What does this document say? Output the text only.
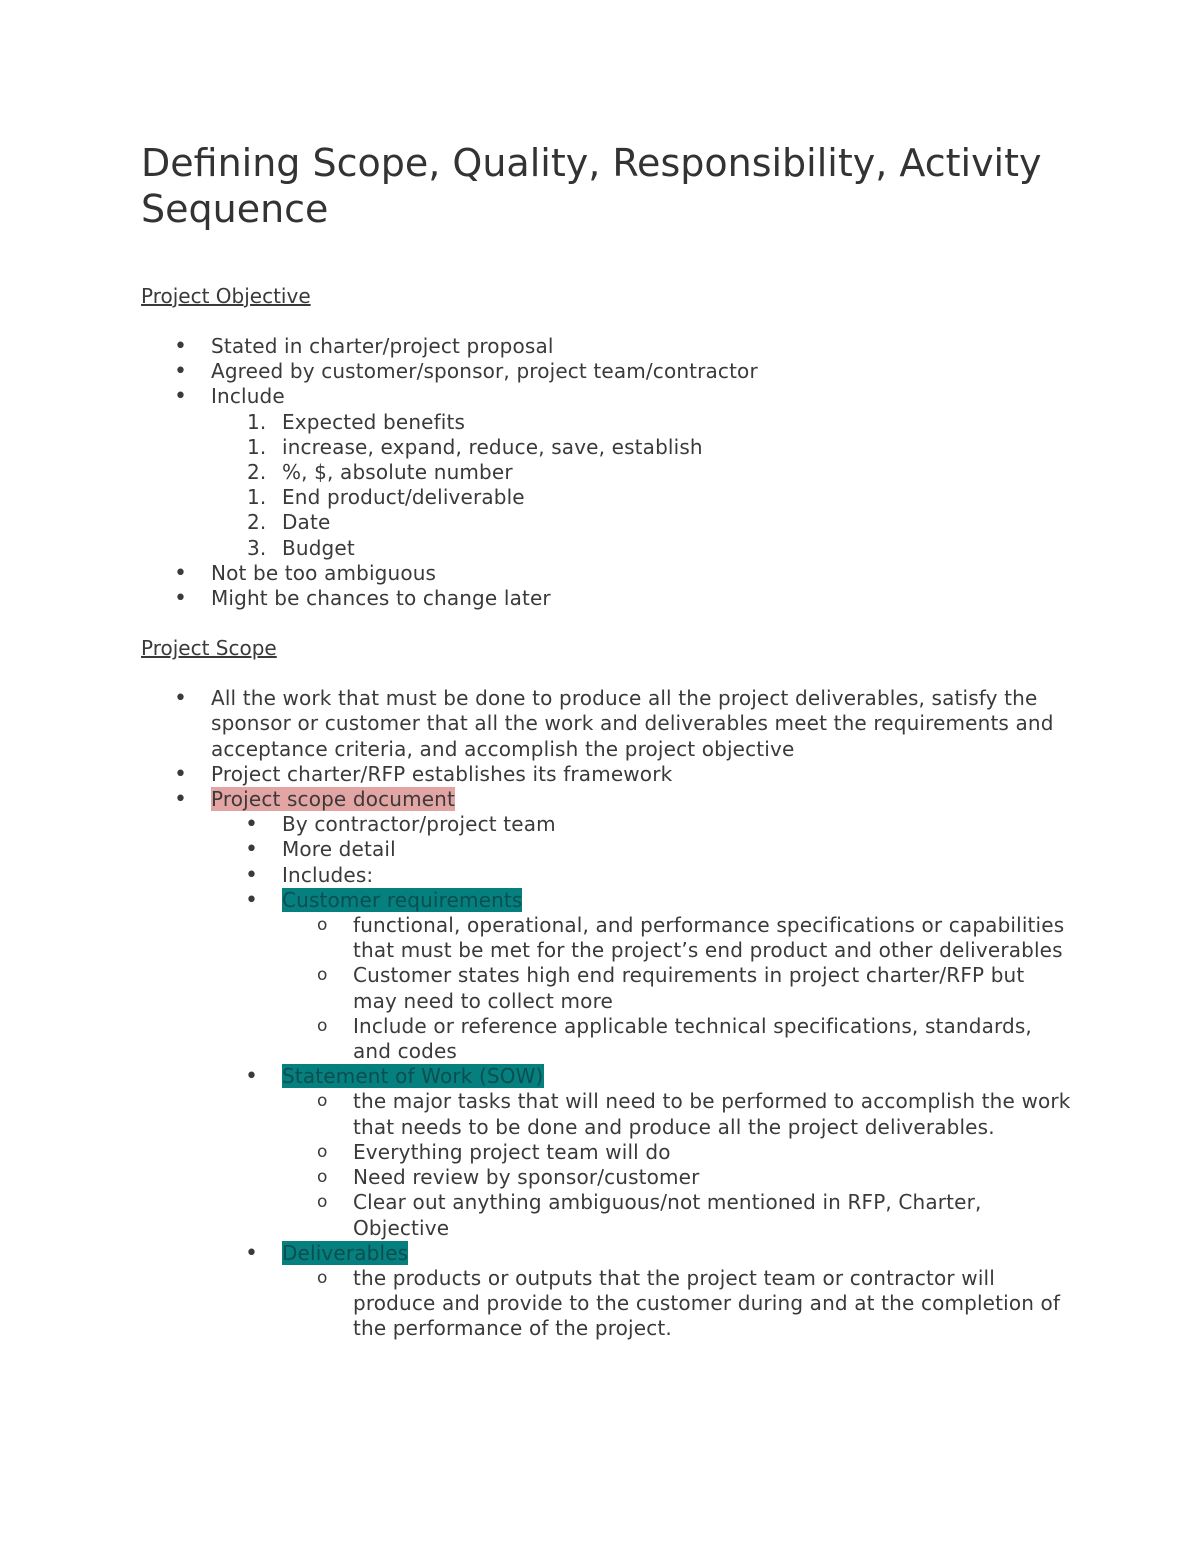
Defining Scope, Quality, Responsibility, Activity Sequence
Project Objective
• Stated in charter/project proposal
• Agreed by customer/sponsor, project team/contractor
• Include
1. Expected benefits
1. increase, expand, reduce, save, establish
2. %, $, absolute number
1. End product/deliverable
2. Date
3. Budget
• Not be too ambiguous
• Might be chances to change later
Project Scope
• All the work that must be done to produce all the project deliverables, satisfy the sponsor or customer that all the work and deliverables meet the requirements and acceptance criteria, and accomplish the project objective
• Project charter/RFP establishes its framework
• Project scope document
• By contractor/project team
• More detail
• Includes:
• Customer requirements
o functional, operational, and performance specifications or capabilities that must be met for the project’s end product and other deliverables
o Customer states high end requirements in project charter/RFP but may need to collect more
o Include or reference applicable technical specifications, standards, and codes
• Statement of Work (SOW)
o the major tasks that will need to be performed to accomplish the work that needs to be done and produce all the project deliverables.
o Everything project team will do
o Need review by sponsor/customer
o Clear out anything ambiguous/not mentioned in RFP, Charter, Objective
• Deliverables
o the products or outputs that the project team or contractor will produce and provide to the customer during and at the completion of the performance of the project.
